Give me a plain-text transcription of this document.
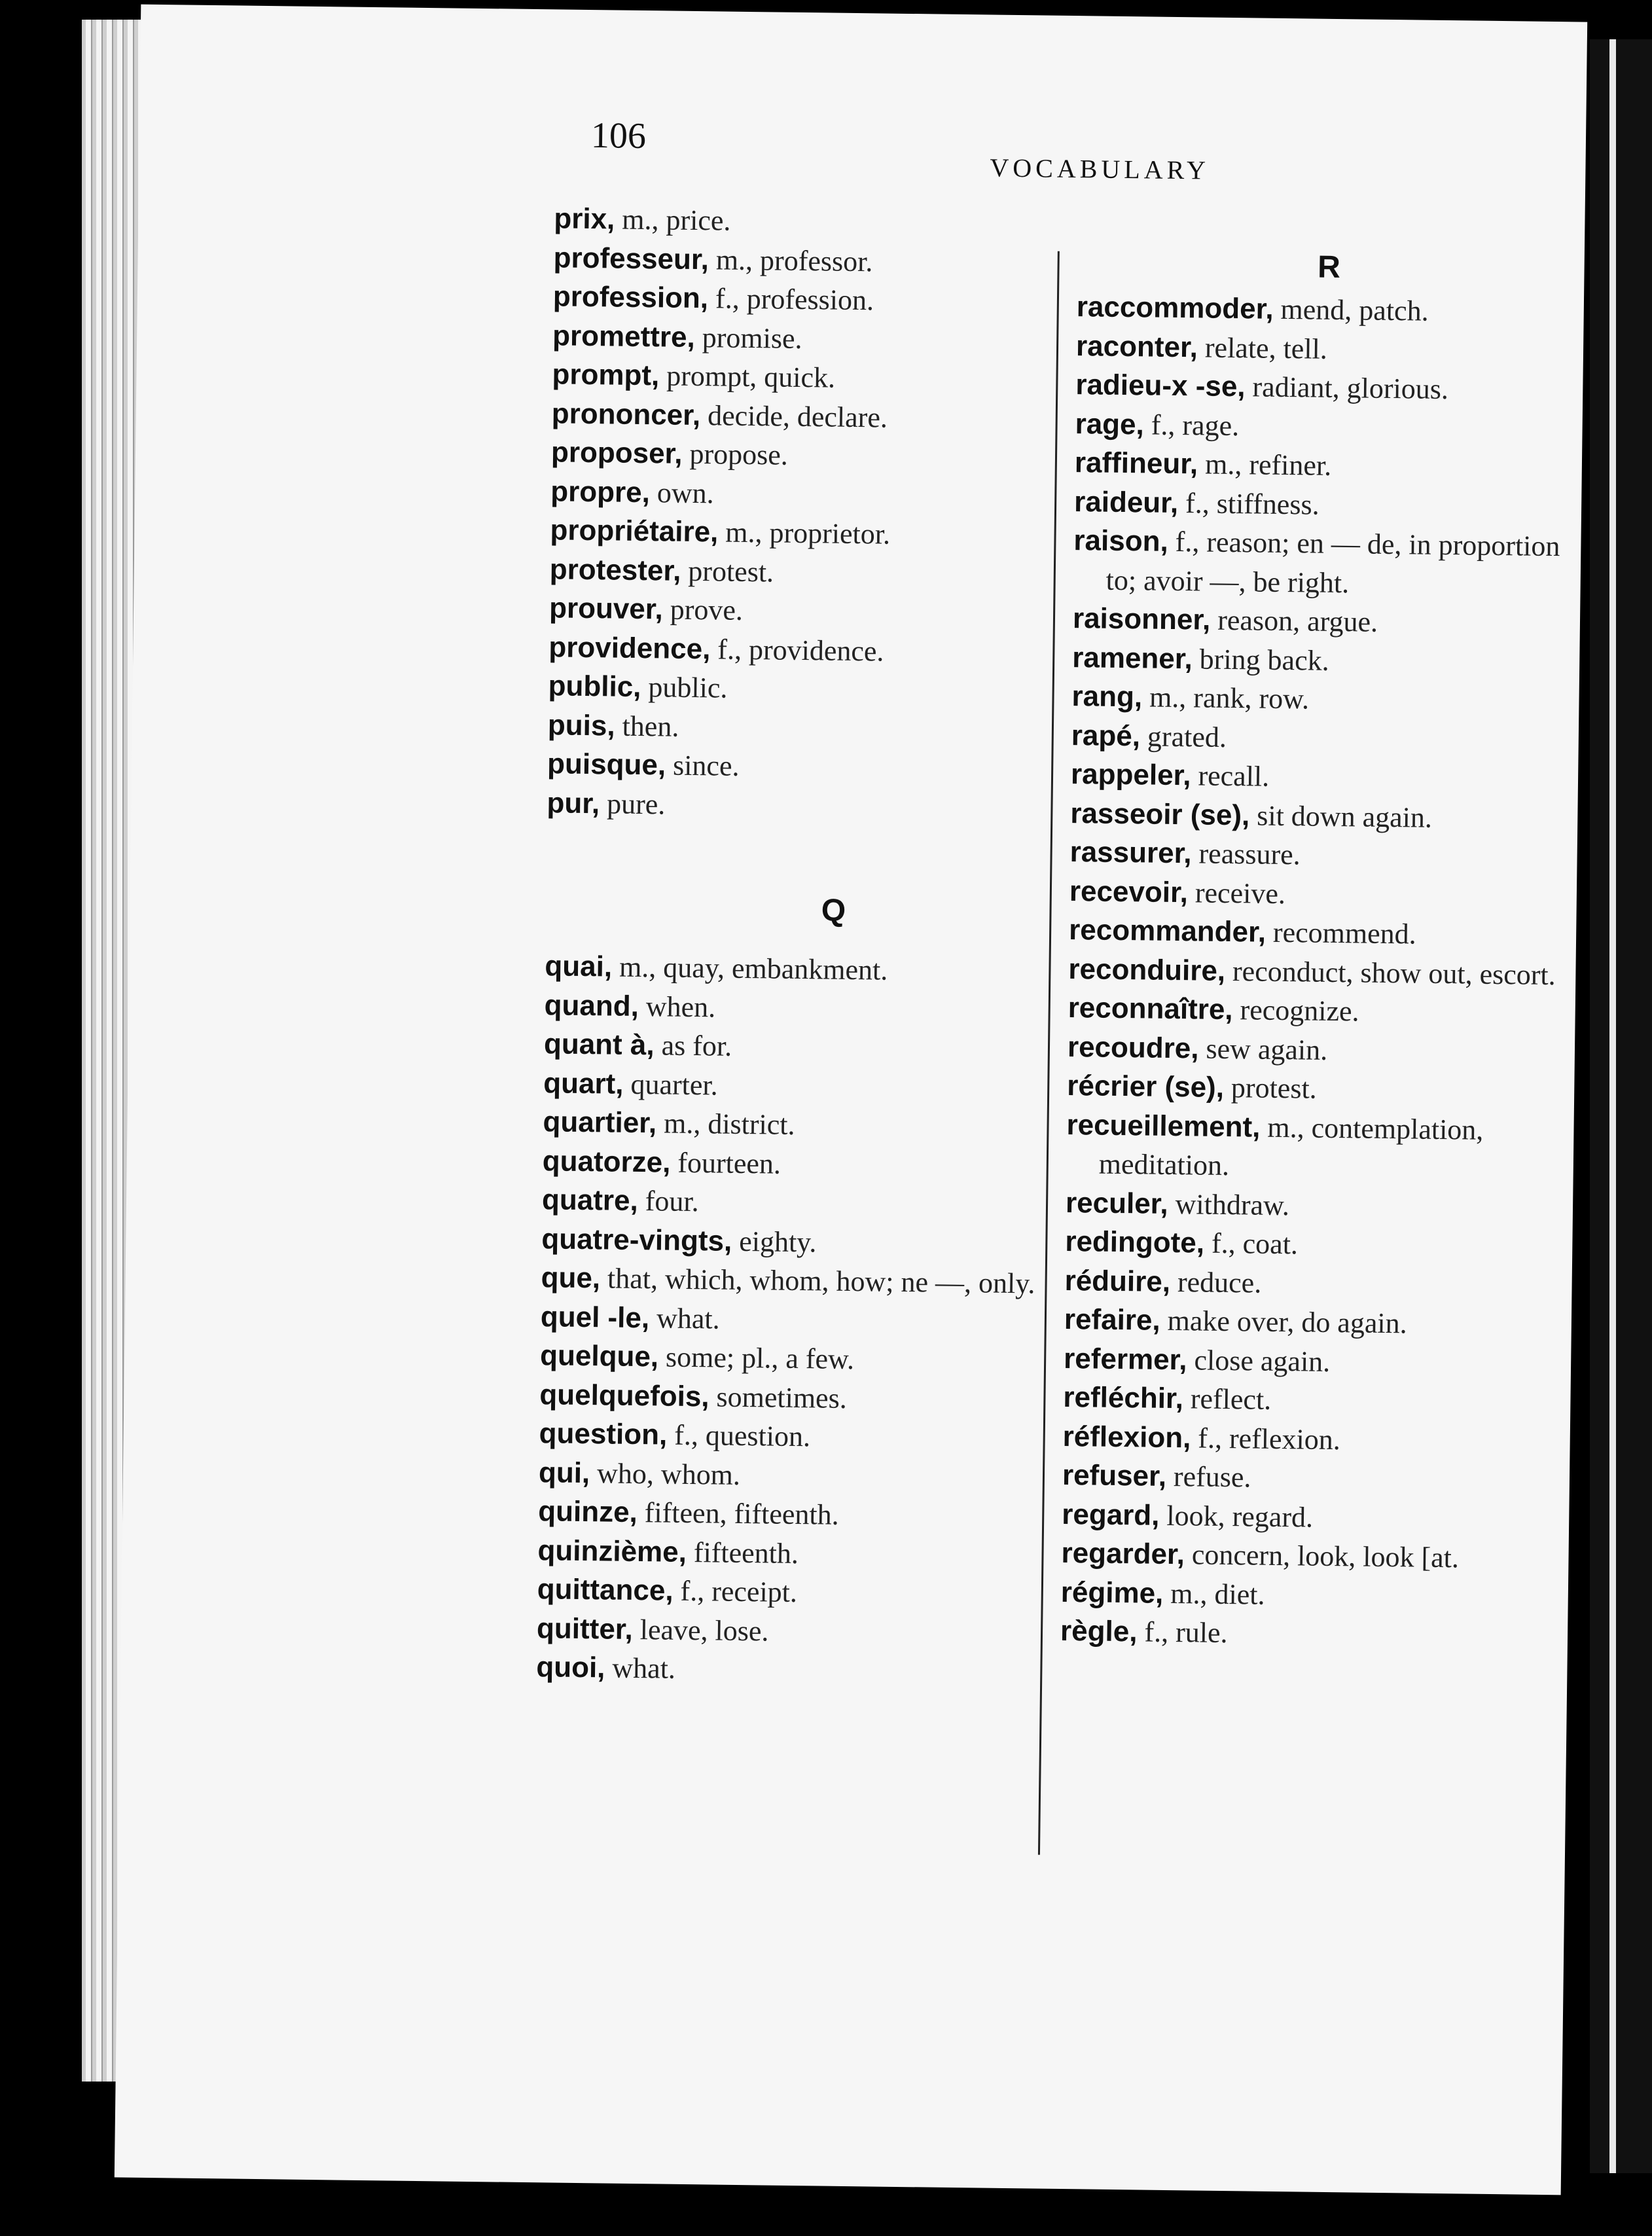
106
VOCABULARY
prix, m., price.
professeur, m., professor.
profession, f., profession.
promettre, promise.
prompt, prompt, quick.
prononcer, decide, declare.
proposer, propose.
propre, own.
propriétaire, m., proprietor.
protester, protest.
prouver, prove.
providence, f., providence.
public, public.
puis, then.
puisque, since.
pur, pure.
Q
quai, m., quay, embankment.
quand, when.
quant à, as for.
quart, quarter.
quartier, m., district.
quatorze, fourteen.
quatre, four.
quatre-vingts, eighty.
que, that, which, whom, how; ne —, only.
quel -le, what.
quelque, some; pl., a few.
quelquefois, sometimes.
question, f., question.
qui, who, whom.
quinze, fifteen, fifteenth.
quinzième, fifteenth.
quittance, f., receipt.
quitter, leave, lose.
quoi, what.
R
raccommoder, mend, patch.
raconter, relate, tell.
radieu-x -se, radiant, glorious.
rage, f., rage.
raffineur, m., refiner.
raideur, f., stiffness.
raison, f., reason; en — de, in proportion to; avoir —, be right.
raisonner, reason, argue.
ramener, bring back.
rang, m., rank, row.
rapé, grated.
rappeler, recall.
rasseoir (se), sit down again.
rassurer, reassure.
recevoir, receive.
recommander, recommend.
reconduire, reconduct, show out, escort.
reconnaître, recognize.
recoudre, sew again.
récrier (se), protest.
recueillement, m., contemplation, meditation.
reculer, withdraw.
redingote, f., coat.
réduire, reduce.
refaire, make over, do again.
refermer, close again.
refléchir, reflect.
réflexion, f., reflexion.
refuser, refuse.
regard, look, regard.
regarder, concern, look, look [at.
régime, m., diet.
règle, f., rule.
